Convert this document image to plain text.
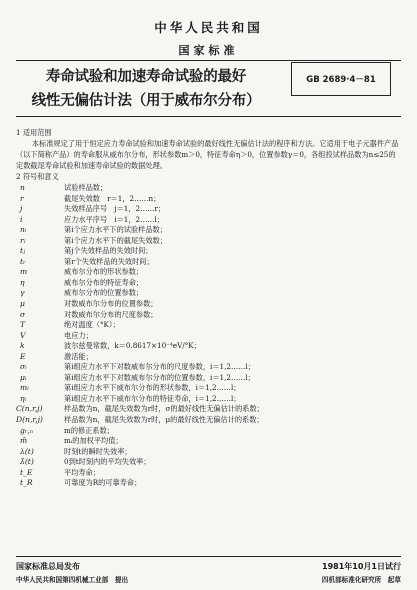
中华人民共和国
国家标准
寿命试验和加速寿命试验的最好
线性无偏估计法（用于威布尔分布）
GB 2689·4－81

1 适用范围

本标准规定了用于恒定应力寿命试验和加速寿命试验的最好线性无偏估计法的程序和方法。它适用于电子元器件产品（以下简称产品）的寿命服从威布尔分布，形状参数m＞0，特征寿命η＞0，位置参数γ＝0，各组投试样品数为n≤25的定数截尾寿命试验和加速寿命试验的数据处理。

2 符号和意义

n	试验样品数；
r	截尾失效数　r＝1，2……n；
j	失效样品序号　j＝1，2……r；
i	应力水平序号　i＝1，2……l；
nᵢ	第i个应力水平下的试验样品数；
rᵢ	第i个应力水平下的截尾失效数；
tⱼ	第j个失效样品的失效时间；
tᵣ	第r个失效样品的失效时间；
m	威布尔分布的形状参数；
η	威布尔分布的特征寿命；
γ	威布尔分布的位置参数；
μ	对数威布尔分布的位置参数；
σ	对数威布尔分布的尺度参数；
T	绝对温度（°K）；
V	电应力；
k	波尔兹曼常数，k＝0.8617×10⁻⁴eV/°K；
E	激活能；
σᵢ	第i组应力水平下对数威布尔分布的尺度参数，i＝1,2……l；
μᵢ	第i组应力水平下对数威布尔分布的位置参数，i＝1,2……l；
mᵢ	第i组应力水平下威布尔分布的形状参数，i＝1,2……l；
ηᵢ	第i组应力水平下威布尔分布的特征寿命，i＝1,2……l；
C(n,r,j)	样品数为n，截尾失效数为r时，σ的最好线性无偏估计的系数；
D(n,r,j)	样品数为n，截尾失效数为r时，μ的最好线性无偏估计的系数；
gᵣ,ₙ	m的修正系数；
m̄	mᵢ的加权平均值；
λ(t)	时刻t的瞬时失效率；
λ̄(t)	0到t时刻内的平均失效率；
t_E	平均寿命；
t_R	可靠度为R的可靠寿命；
国家标准总局发布	1981年10月1日试行
中华人民共和国第四机械工业部　提出	四机部标准化研究所　起草
